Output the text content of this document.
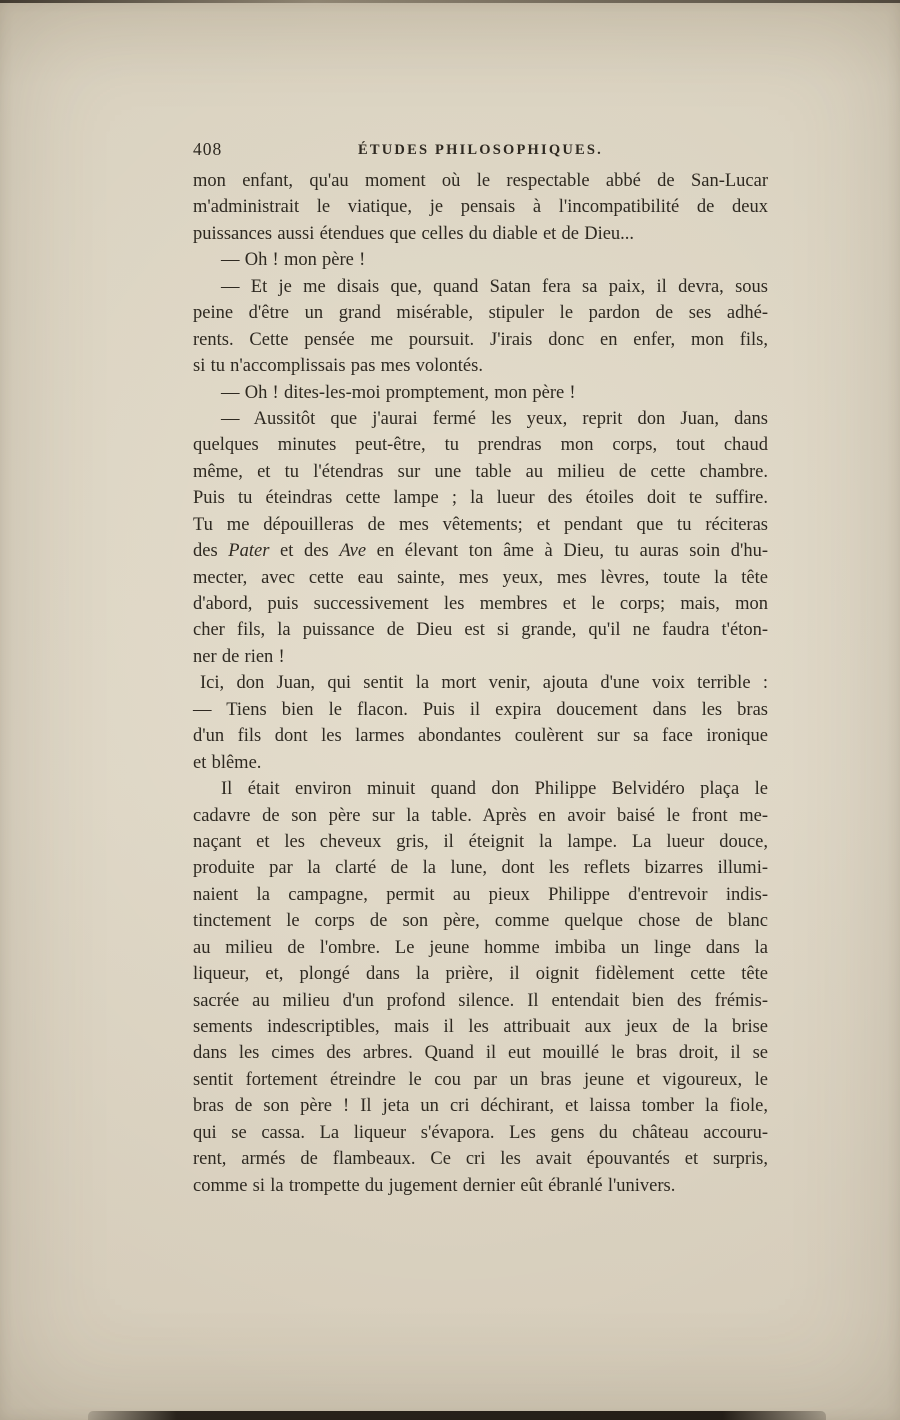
408	ÉTUDES PHILOSOPHIQUES.
mon enfant, qu'au moment où le respectable abbé de San-Lucar
m'administrait le viatique, je pensais à l'incompatibilité de deux
puissances aussi étendues que celles du diable et de Dieu...
— Oh ! mon père !
— Et je me disais que, quand Satan fera sa paix, il devra, sous
peine d'être un grand misérable, stipuler le pardon de ses adhé-
rents. Cette pensée me poursuit. J'irais donc en enfer, mon fils,
si tu n'accomplissais pas mes volontés.
— Oh ! dites-les-moi promptement, mon père !
— Aussitôt que j'aurai fermé les yeux, reprit don Juan, dans
quelques minutes peut-être, tu prendras mon corps, tout chaud
même, et tu l'étendras sur une table au milieu de cette chambre.
Puis tu éteindras cette lampe ; la lueur des étoiles doit te suffire.
Tu me dépouilleras de mes vêtements; et pendant que tu réciteras
des Pater et des Ave en élevant ton âme à Dieu, tu auras soin d'hu-
mecter, avec cette eau sainte, mes yeux, mes lèvres, toute la tête
d'abord, puis successivement les membres et le corps; mais, mon
cher fils, la puissance de Dieu est si grande, qu'il ne faudra t'éton-
ner de rien !
Ici, don Juan, qui sentit la mort venir, ajouta d'une voix terrible :
— Tiens bien le flacon. Puis il expira doucement dans les bras
d'un fils dont les larmes abondantes coulèrent sur sa face ironique
et blême.
Il était environ minuit quand don Philippe Belvidéro plaça le
cadavre de son père sur la table. Après en avoir baisé le front me-
naçant et les cheveux gris, il éteignit la lampe. La lueur douce,
produite par la clarté de la lune, dont les reflets bizarres illumi-
naient la campagne, permit au pieux Philippe d'entrevoir indis-
tinctement le corps de son père, comme quelque chose de blanc
au milieu de l'ombre. Le jeune homme imbiba un linge dans la
liqueur, et, plongé dans la prière, il oignit fidèlement cette tête
sacrée au milieu d'un profond silence. Il entendait bien des frémis-
sements indescriptibles, mais il les attribuait aux jeux de la brise
dans les cimes des arbres. Quand il eut mouillé le bras droit, il se
sentit fortement étreindre le cou par un bras jeune et vigoureux, le
bras de son père ! Il jeta un cri déchirant, et laissa tomber la fiole,
qui se cassa. La liqueur s'évapora. Les gens du château accouru-
rent, armés de flambeaux. Ce cri les avait épouvantés et surpris,
comme si la trompette du jugement dernier eût ébranlé l'univers.
